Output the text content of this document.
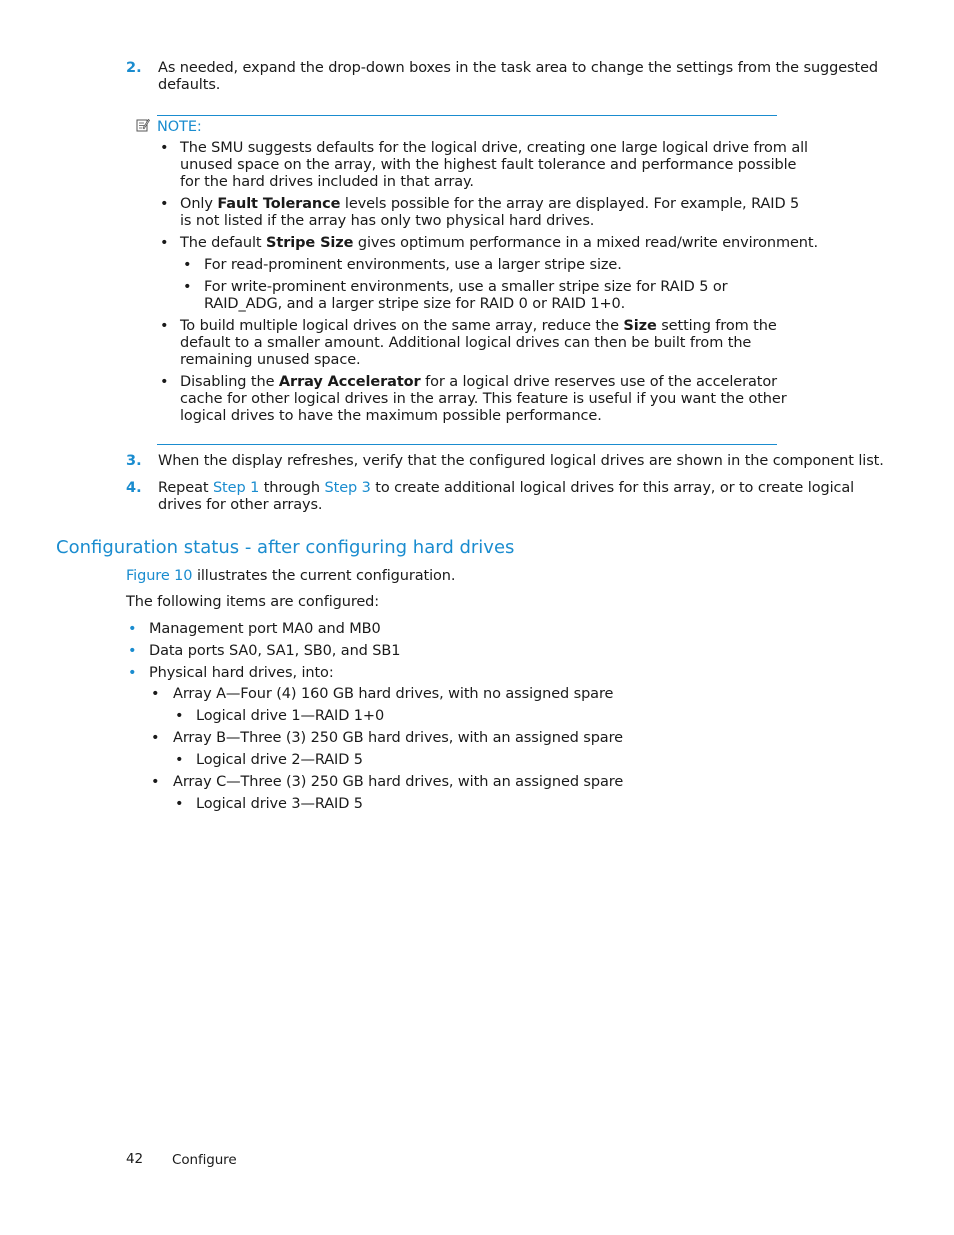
2. As needed, expand the drop-down boxes in the task area to change the settings from the suggested
defaults.
NOTE:
• The SMU suggests defaults for the logical drive, creating one large logical drive from all
unused space on the array, with the highest fault tolerance and performance possible
for the hard drives included in that array.
• Only Fault Tolerance levels possible for the array are displayed. For example, RAID 5
is not listed if the array has only two physical hard drives.
• The default Stripe Size gives optimum performance in a mixed read/write environment.
• For read-prominent environments, use a larger stripe size.
• For write-prominent environments, use a smaller stripe size for RAID 5 or
RAID_ADG, and a larger stripe size for RAID 0 or RAID 1+0.
• To build multiple logical drives on the same array, reduce the Size setting from the
default to a smaller amount. Additional logical drives can then be built from the
remaining unused space.
• Disabling the Array Accelerator for a logical drive reserves use of the accelerator
cache for other logical drives in the array. This feature is useful if you want the other
logical drives to have the maximum possible performance.
3. When the display refreshes, verify that the configured logical drives are shown in the component list.
4. Repeat Step 1 through Step 3 to create additional logical drives for this array, or to create logical
drives for other arrays.
Configuration status - after configuring hard drives
Figure 10 illustrates the current configuration.
The following items are configured:
• Management port MA0 and MB0
• Data ports SA0, SA1, SB0, and SB1
• Physical hard drives, into:
• Array A—Four (4) 160 GB hard drives, with no assigned spare
• Logical drive 1—RAID 1+0
• Array B—Three (3) 250 GB hard drives, with an assigned spare
• Logical drive 2—RAID 5
• Array C—Three (3) 250 GB hard drives, with an assigned spare
• Logical drive 3—RAID 5
42 Configure
